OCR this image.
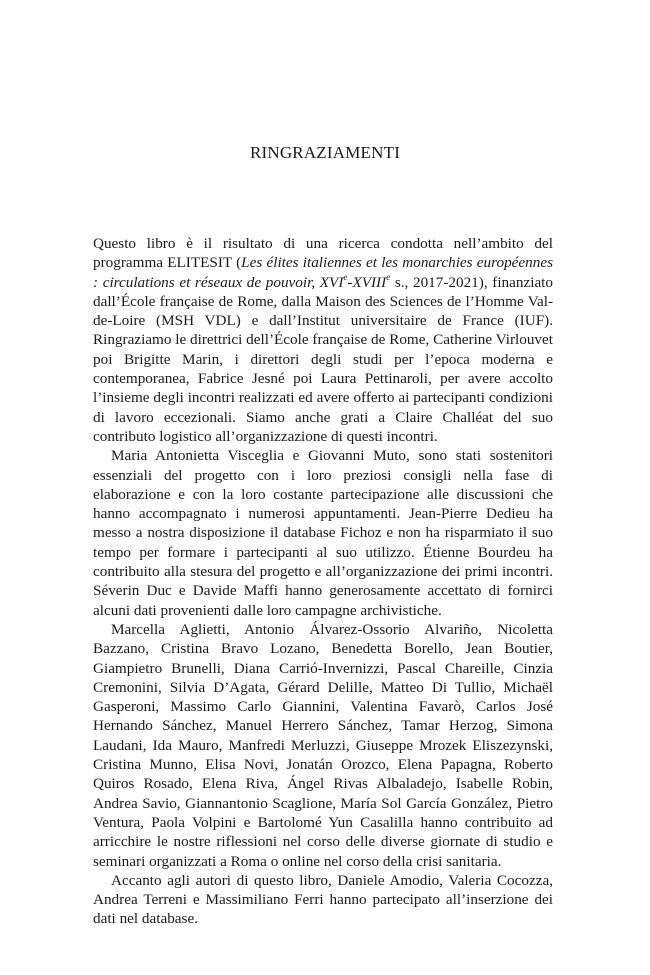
RINGRAZIAMENTI

Questo libro è il risultato di una ricerca condotta nell’ambito del programma ELITESIT (Les élites italiennes et les monarchies européennes : circulations et réseaux de pouvoir, XVIe-XVIIIe s., 2017-2021), finanziato dall’École française de Rome, dalla Maison des Sciences de l’Homme Val-de-Loire (MSH VDL) e dall’Institut universitaire de France (IUF). Ringraziamo le direttrici dell’École française de Rome, Catherine Virlouvet poi Brigitte Marin, i direttori degli studi per l’epoca moderna e contemporanea, Fabrice Jesné poi Laura Pettinaroli, per avere accolto l’insieme degli incontri realizzati ed avere offerto ai partecipanti condizioni di lavoro eccezionali. Siamo anche grati a Claire Challéat del suo contributo logistico all’organizzazione di questi incontri.

Maria Antonietta Visceglia e Giovanni Muto, sono stati sostenitori essenziali del progetto con i loro preziosi consigli nella fase di elaborazione e con la loro costante partecipazione alle discussioni che hanno accompagnato i numerosi appuntamenti. Jean-Pierre Dedieu ha messo a nostra disposizione il database Fichoz e non ha risparmiato il suo tempo per formare i partecipanti al suo utilizzo. Étienne Bourdeu ha contribuito alla stesura del progetto e all’organizzazione dei primi incontri. Séverin Duc e Davide Maffi hanno generosamente accettato di fornirci alcuni dati provenienti dalle loro campagne archivistiche.

Marcella Aglietti, Antonio Álvarez-Ossorio Alvariño, Nicoletta Bazzano, Cristina Bravo Lozano, Benedetta Borello, Jean Boutier, Giampietro Brunelli, Diana Carrió-Invernizzi, Pascal Chareille, Cinzia Cremonini, Silvia D’Agata, Gérard Delille, Matteo Di Tullio, Michaël Gasperoni, Massimo Carlo Giannini, Valentina Favarò, Carlos José Hernando Sánchez, Manuel Herrero Sánchez, Tamar Herzog, Simona Laudani, Ida Mauro, Manfredi Merluzzi, Giuseppe Mrozek Eliszezynski, Cristina Munno, Elisa Novi, Jonatán Orozco, Elena Papagna, Roberto Quiros Rosado, Elena Riva, Ángel Rivas Albaladejo, Isabelle Robin, Andrea Savio, Giannantonio Scaglione, María Sol García González, Pietro Ventura, Paola Volpini e Bartolomé Yun Casalilla hanno contribuito ad arricchire le nostre riflessioni nel corso delle diverse giornate di studio e seminari organizzati a Roma o online nel corso della crisi sanitaria.

Accanto agli autori di questo libro, Daniele Amodio, Valeria Cocozza, Andrea Terreni e Massimiliano Ferri hanno partecipato all’inserzione dei dati nel database.
